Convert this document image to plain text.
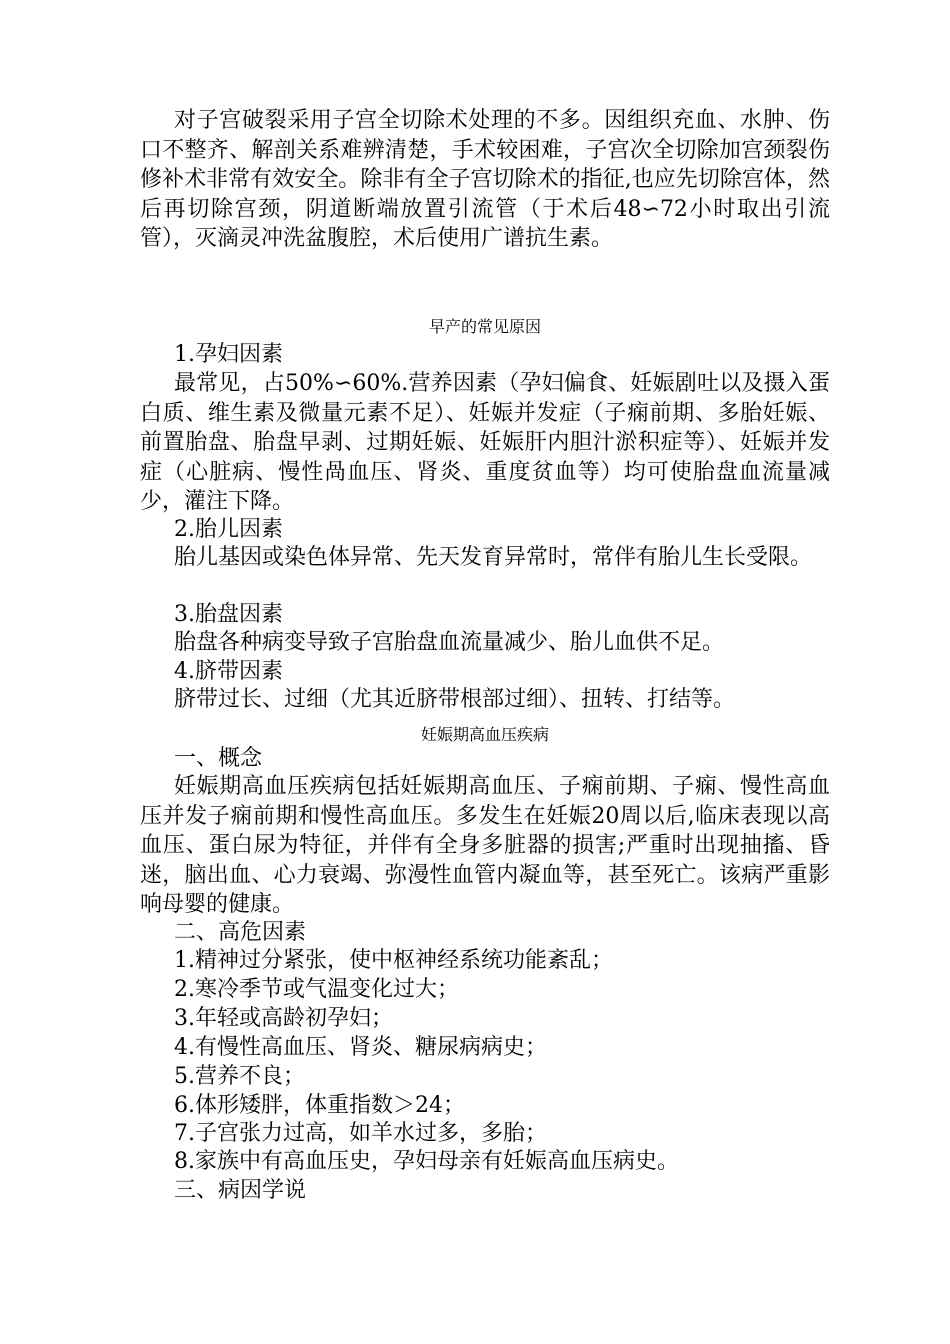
对子宫破裂采用子宫全切除术处理的不多。因组织充血、水肿、伤口不整齐、解剖关系难辨清楚，手术较困难，子宫次全切除加宫颈裂伤修补术非常有效安全。除非有全子宫切除术的指征,也应先切除宫体，然后再切除宫颈，阴道断端放置引流管（于术后48∽72小时取出引流管），灭滴灵冲洗盆腹腔，术后使用广谱抗生素。

早产的常见原因

1.孕妇因素

最常见，占50%∽60%.营养因素（孕妇偏食、妊娠剧吐以及摄入蛋白质、维生素及微量元素不足）、妊娠并发症（子痫前期、多胎妊娠、前置胎盘、胎盘早剥、过期妊娠、妊娠肝内胆汁淤积症等）、妊娠并发症（心脏病、慢性咼血压、肾炎、重度贫血等）均可使胎盘血流量减少，灌注下降。

2.胎儿因素

胎儿基因或染色体异常、先天发育异常时，常伴有胎儿生长受限。

3.胎盘因素

胎盘各种病变导致子宫胎盘血流量减少、胎儿血供不足。

4.脐带因素

脐带过长、过细（尤其近脐带根部过细）、扭转、打结等。

妊娠期高血压疾病

一、概念

妊娠期高血压疾病包括妊娠期高血压、子痫前期、子痫、慢性高血压并发子痫前期和慢性高血压。多发生在妊娠20周以后,临床表现以高血压、蛋白尿为特征，并伴有全身多脏器的损害;严重时出现抽搐、昏迷，脑出血、心力衰竭、弥漫性血管内凝血等，甚至死亡。该病严重影响母婴的健康。

二、高危因素

1.精神过分紧张，使中枢神经系统功能紊乱；

2.寒冷季节或气温变化过大；

3.年轻或高龄初孕妇；

4.有慢性高血压、肾炎、糖尿病病史；

5.营养不良；

6.体形矮胖，体重指数＞24；

7.子宫张力过高，如羊水过多，多胎；

8.家族中有高血压史，孕妇母亲有妊娠高血压病史。

三、病因学说
